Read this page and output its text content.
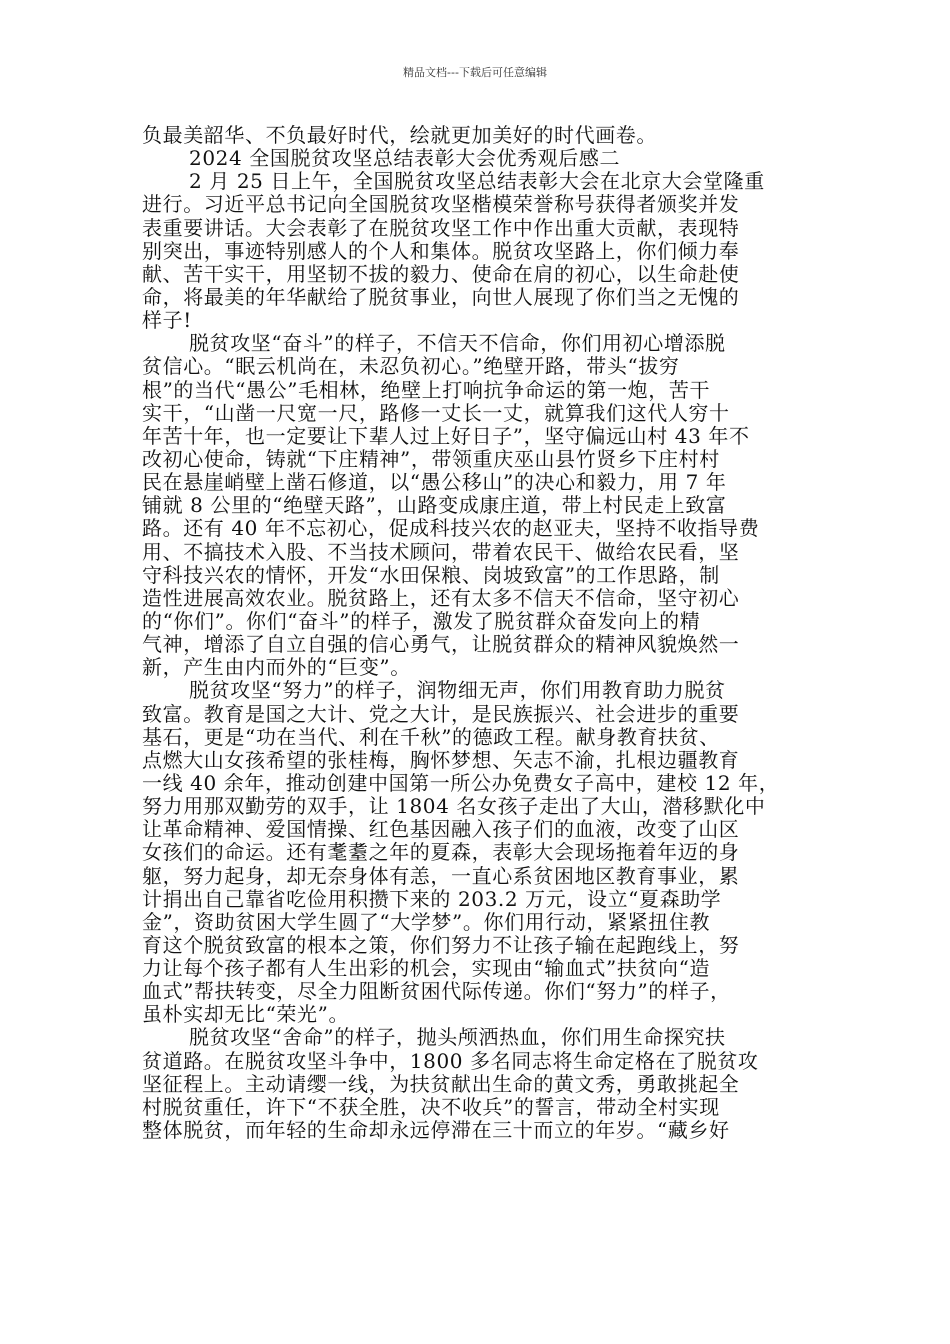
精品文档---下载后可任意编辑
负最美韶华、不负最好时代，绘就更加美好的时代画卷。
2024 全国脱贫攻坚总结表彰大会优秀观后感二
2 月 25 日上午，全国脱贫攻坚总结表彰大会在北京大会堂隆重
进行。习近平总书记向全国脱贫攻坚楷模荣誉称号获得者颁奖并发
表重要讲话。大会表彰了在脱贫攻坚工作中作出重大贡献，表现特
别突出，事迹特别感人的个人和集体。脱贫攻坚路上，你们倾力奉
献、苦干实干，用坚韧不拔的毅力、使命在肩的初心，以生命赴使
命，将最美的年华献给了脱贫事业，向世人展现了你们当之无愧的
样子!
脱贫攻坚“奋斗”的样子，不信天不信命，你们用初心增添脱
贫信心。“眠云机尚在，未忍负初心。”绝壁开路，带头“拔穷
根”的当代“愚公”毛相林，绝壁上打响抗争命运的第一炮，苦干
实干，“山凿一尺宽一尺，路修一丈长一丈，就算我们这代人穷十
年苦十年，也一定要让下辈人过上好日子”，坚守偏远山村 43 年不
改初心使命，铸就“下庄精神”，带领重庆巫山县竹贤乡下庄村村
民在悬崖峭壁上凿石修道，以“愚公移山”的决心和毅力，用 7 年
铺就 8 公里的“绝壁天路”，山路变成康庄道，带上村民走上致富
路。还有 40 年不忘初心，促成科技兴农的赵亚夫，坚持不收指导费
用、不搞技术入股、不当技术顾问，带着农民干、做给农民看，坚
守科技兴农的情怀，开发“水田保粮、岗坡致富”的工作思路，制
造性进展高效农业。脱贫路上，还有太多不信天不信命，坚守初心
的“你们”。你们“奋斗”的样子，激发了脱贫群众奋发向上的精
气神，增添了自立自强的信心勇气，让脱贫群众的精神风貌焕然一
新，产生由内而外的“巨变”。
脱贫攻坚“努力”的样子，润物细无声，你们用教育助力脱贫
致富。教育是国之大计、党之大计，是民族振兴、社会进步的重要
基石，更是“功在当代、利在千秋”的德政工程。献身教育扶贫、
点燃大山女孩希望的张桂梅，胸怀梦想、矢志不渝，扎根边疆教育
一线 40 余年，推动创建中国第一所公办免费女子高中，建校 12 年，
努力用那双勤劳的双手，让 1804 名女孩子走出了大山，潜移默化中
让革命精神、爱国情操、红色基因融入孩子们的血液，改变了山区
女孩们的命运。还有耄耋之年的夏森，表彰大会现场拖着年迈的身
躯，努力起身，却无奈身体有恙，一直心系贫困地区教育事业，累
计捐出自己靠省吃俭用积攒下来的 203.2 万元，设立“夏森助学
金”，资助贫困大学生圆了“大学梦”。你们用行动，紧紧扭住教
育这个脱贫致富的根本之策，你们努力不让孩子输在起跑线上，努
力让每个孩子都有人生出彩的机会，实现由“输血式”扶贫向“造
血式”帮扶转变，尽全力阻断贫困代际传递。你们“努力”的样子，
虽朴实却无比“荣光”。
脱贫攻坚“舍命”的样子，抛头颅洒热血，你们用生命探究扶
贫道路。在脱贫攻坚斗争中，1800 多名同志将生命定格在了脱贫攻
坚征程上。主动请缨一线，为扶贫献出生命的黄文秀，勇敢挑起全
村脱贫重任，许下“不获全胜，决不收兵”的誓言，带动全村实现
整体脱贫，而年轻的生命却永远停滞在三十而立的年岁。“藏乡好
